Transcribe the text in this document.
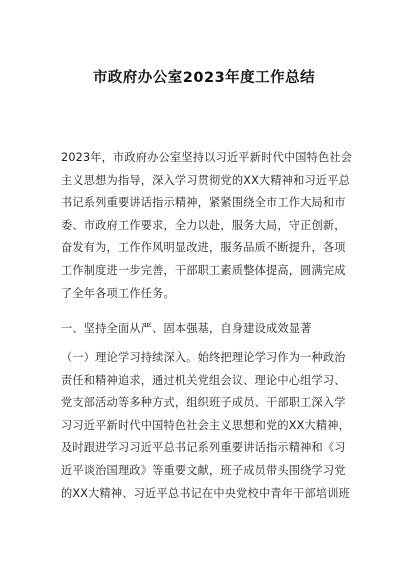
市政府办公室2023年度工作总结
2023年，市政府办公室坚持以习近平新时代中国特色社会
主义思想为指导，深入学习贯彻党的XX大精神和习近平总
书记系列重要讲话指示精神，紧紧围绕全市工作大局和市
委、市政府工作要求，全力以赴，服务大局，守正创新，
奋发有为，工作作风明显改进，服务品质不断提升，各项
工作制度进一步完善，干部职工素质整体提高，圆满完成
了全年各项工作任务。
一、坚持全面从严、固本强基，自身建设成效显著
（一）理论学习持续深入。始终把理论学习作为一种政治
责任和精神追求，通过机关党组会议、理论中心组学习、
党支部活动等多种方式，组织班子成员、干部职工深入学
习习近平新时代中国特色社会主义思想和党的XX大精神，
及时跟进学习习近平总书记系列重要讲话指示精神和《习
近平谈治国理政》等重要文献，班子成员带头围绕学习党
的XX大精神、习近平总书记在中央党校中青年干部培训班
